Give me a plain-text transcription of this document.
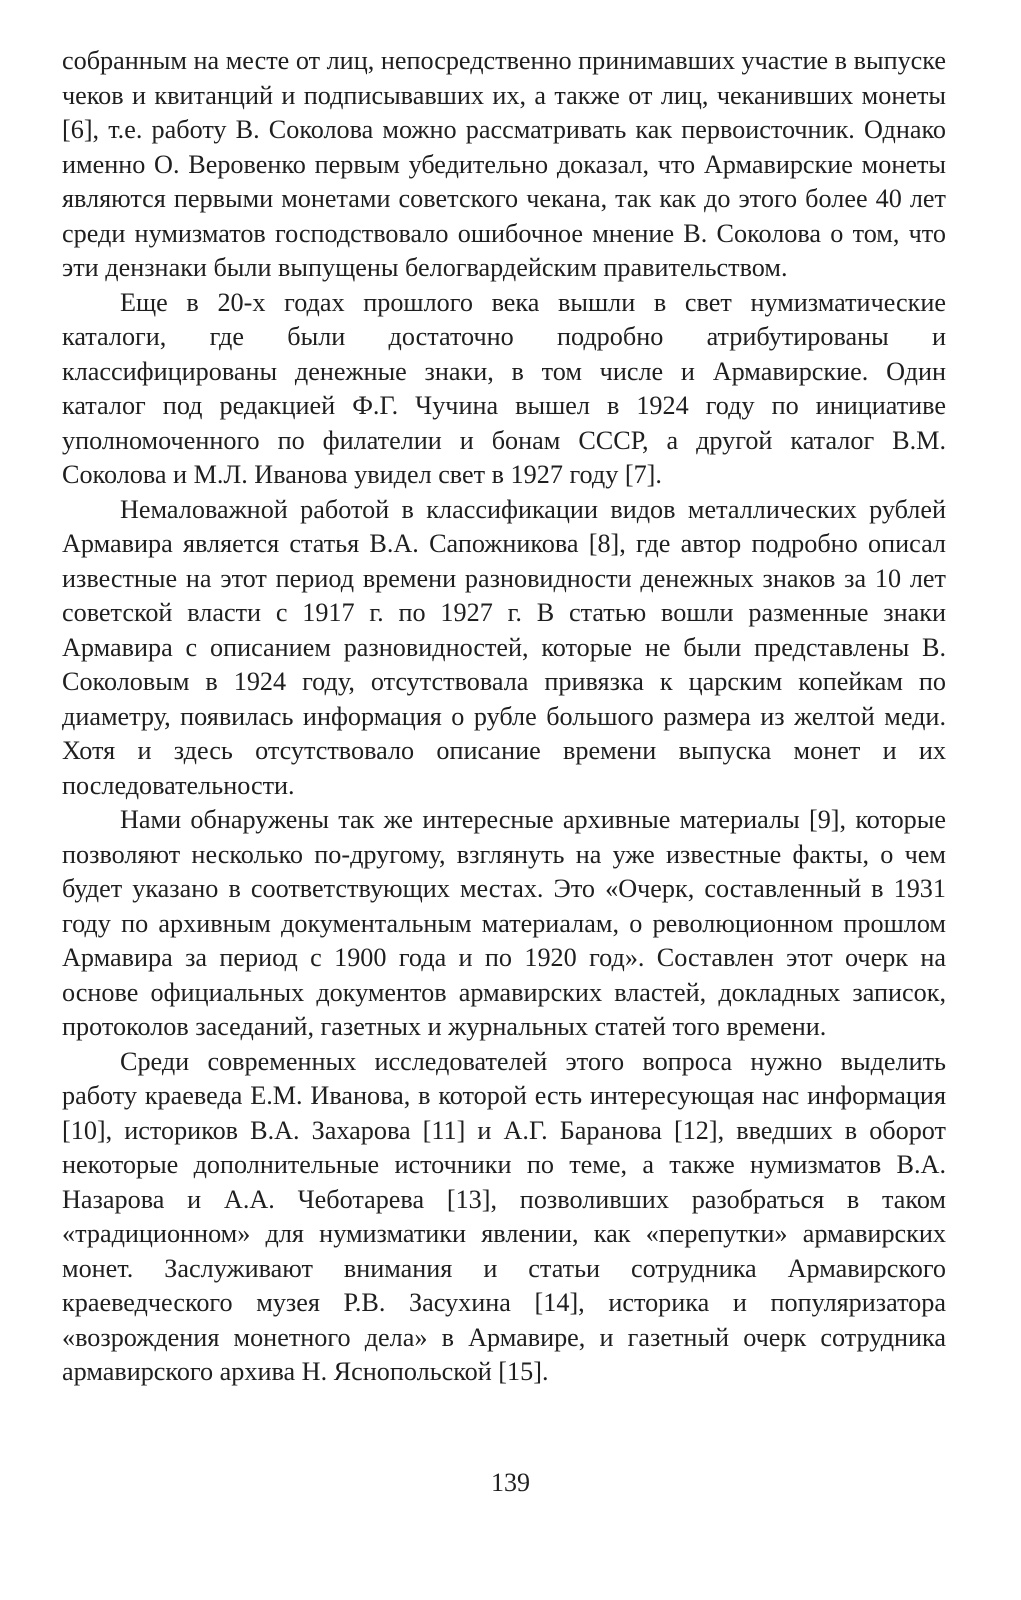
собранным на месте от лиц, непосредственно принимавших участие в выпуске чеков и квитанций и подписывавших их, а также от лиц, чеканивших монеты [6], т.е. работу В. Соколова можно рассматривать как первоисточник. Однако именно О. Веровенко первым убедительно доказал, что Армавирские монеты являются первыми монетами советского чекана, так как до этого более 40 лет среди нумизматов господствовало ошибочное мнение В. Соколова о том, что эти дензнаки были выпущены белогвардейским правительством.

Еще в 20-х годах прошлого века вышли в свет нумизматические каталоги, где были достаточно подробно атрибутированы и классифицированы денежные знаки, в том числе и Армавирские. Один каталог под редакцией Ф.Г. Чучина вышел в 1924 году по инициативе уполномоченного по филателии и бонам СССР, а другой каталог В.М. Соколова и М.Л. Иванова увидел свет в 1927 году [7].

Немаловажной работой в классификации видов металлических рублей Армавира является статья В.А. Сапожникова [8], где автор подробно описал известные на этот период времени разновидности денежных знаков за 10 лет советской власти с 1917 г. по 1927 г. В статью вошли разменные знаки Армавира с описанием разновидностей, которые не были представлены В. Соколовым в 1924 году, отсутствовала привязка к царским копейкам по диаметру, появилась информация о рубле большого размера из желтой меди. Хотя и здесь отсутствовало описание времени выпуска монет и их последовательности.

Нами обнаружены так же интересные архивные материалы [9], которые позволяют несколько по-другому, взглянуть на уже известные факты, о чем будет указано в соответствующих местах. Это «Очерк, составленный в 1931 году по архивным документальным материалам, о революционном прошлом Армавира за период с 1900 года и по 1920 год». Составлен этот очерк на основе официальных документов армавирских властей, докладных записок, протоколов заседаний, газетных и журнальных статей того времени.

Среди современных исследователей этого вопроса нужно выделить работу краеведа Е.М. Иванова, в которой есть интересующая нас информация [10], историков В.А. Захарова [11] и А.Г. Баранова [12], введших в оборот некоторые дополнительные источники по теме, а также нумизматов В.А. Назарова и А.А. Чеботарева [13], позволивших разобраться в таком «традиционном» для нумизматики явлении, как «перепутки» армавирских монет. Заслуживают внимания и статьи сотрудника Армавирского краеведческого музея Р.В. Засухина [14], историка и популяризатора «возрождения монетного дела» в Армавире, и газетный очерк сотрудника армавирского архива Н. Яснопольской [15].

139
